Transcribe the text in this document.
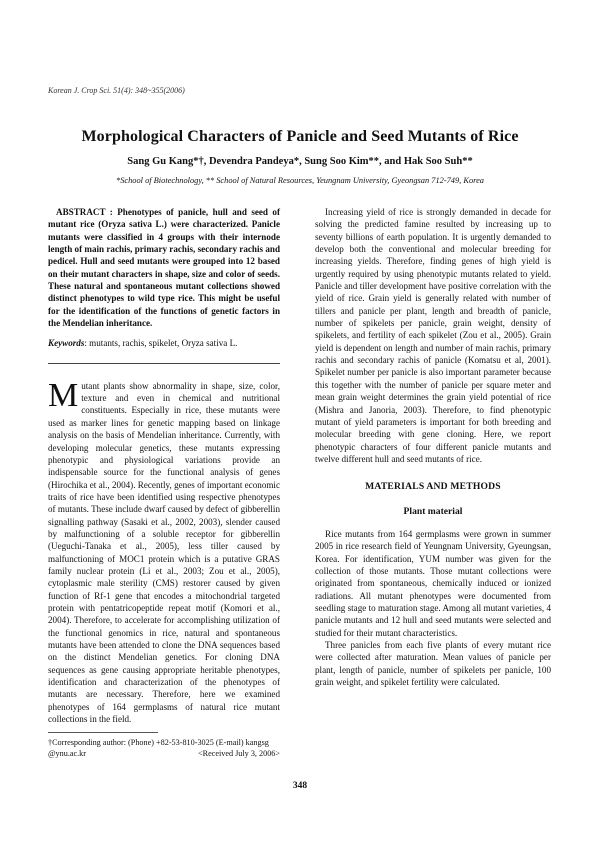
Korean J. Crop Sci. 51(4): 348~355(2006)
Morphological Characters of Panicle and Seed Mutants of Rice
Sang Gu Kang*†, Devendra Pandeya*, Sung Soo Kim**, and Hak Soo Suh**
*School of Biotechnology, ** School of Natural Resources, Yeungnam University, Gyeongsan 712-749, Korea

ABSTRACT : Phenotypes of panicle, hull and seed of mutant rice (Oryza sativa L.) were characterized. Panicle mutants were classified in 4 groups with their internode length of main rachis, primary rachis, secondary rachis and pedicel. Hull and seed mutants were grouped into 12 based on their mutant characters in shape, size and color of seeds. These natural and spontaneous mutant collections showed distinct phenotypes to wild type rice. This might be useful for the identification of the functions of genetic factors in the Mendelian inheritance.

Keywords: mutants, rachis, spikelet, Oryza sativa L.

Mutant plants show abnormality in shape, size, color, texture and even in chemical and nutritional constituents. Especially in rice, these mutants were used as marker lines for genetic mapping based on linkage analysis on the basis of Mendelian inheritance. Currently, with developing molecular genetics, these mutants expressing phenotypic and physiological variations provide an indispensable source for the functional analysis of genes (Hirochika et al., 2004). Recently, genes of important economic traits of rice have been identified using respective phenotypes of mutants. These include dwarf caused by defect of gibberellin signalling pathway (Sasaki et al., 2002, 2003), slender caused by malfunctioning of a soluble receptor for gibberellin (Ueguchi-Tanaka et al., 2005), less tiller caused by malfunctioning of MOC1 protein which is a putative GRAS family nuclear protein (Li et al., 2003; Zou et al., 2005), cytoplasmic male sterility (CMS) restorer caused by given function of Rf-1 gene that encodes a mitochondrial targeted protein with pentatricopeptide repeat motif (Komori et al., 2004). Therefore, to accelerate for accomplishing utilization of the functional genomics in rice, natural and spontaneous mutants have been attended to clone the DNA sequences based on the distinct Mendelian genetics. For cloning DNA sequences as gene causing appropriate heritable phenotypes, identification and characterization of the phenotypes of mutants are necessary. Therefore, here we examined phenotypes of 164 germplasms of natural rice mutant collections in the field.

Increasing yield of rice is strongly demanded in decade for solving the predicted famine resulted by increasing up to seventy billions of earth population. It is urgently demanded to develop both the conventional and molecular breeding for increasing yields. Therefore, finding genes of high yield is urgently required by using phenotypic mutants related to yield. Panicle and tiller development have positive correlation with the yield of rice. Grain yield is generally related with number of tillers and panicle per plant, length and breadth of panicle, number of spikelets per panicle, grain weight, density of spikelets, and fertility of each spikelet (Zou et al., 2005). Grain yield is dependent on length and number of main rachis, primary rachis and secondary rachis of panicle (Komatsu et al, 2001). Spikelet number per panicle is also important parameter because this together with the number of panicle per square meter and mean grain weight determines the grain yield potential of rice (Mishra and Janoria, 2003). Therefore, to find phenotypic mutant of yield parameters is important for both breeding and molecular breeding with gene cloning. Here, we report phenotypic characters of four different panicle mutants and twelve different hull and seed mutants of rice.

MATERIALS AND METHODS
Plant material

Rice mutants from 164 germplasms were grown in summer 2005 in rice research field of Yeungnam University, Gyeungsan, Korea. For identification, YUM number was given for the collection of those mutants. Those mutant collections were originated from spontaneous, chemically induced or ionized radiations. All mutant phenotypes were documented from seedling stage to maturation stage. Among all mutant varieties, 4 panicle mutants and 12 hull and seed mutants were selected and studied for their mutant characteristics.

Three panicles from each five plants of every mutant rice were collected after maturation. Mean values of panicle per plant, length of panicle, number of spikelets per panicle, 100 grain weight, and spikelet fertility were calculated.

†Corresponding author: (Phone) +82-53-810-3025 (E-mail) kangsg
@ynu.ac.kr	<Received July 3, 2006>
348
